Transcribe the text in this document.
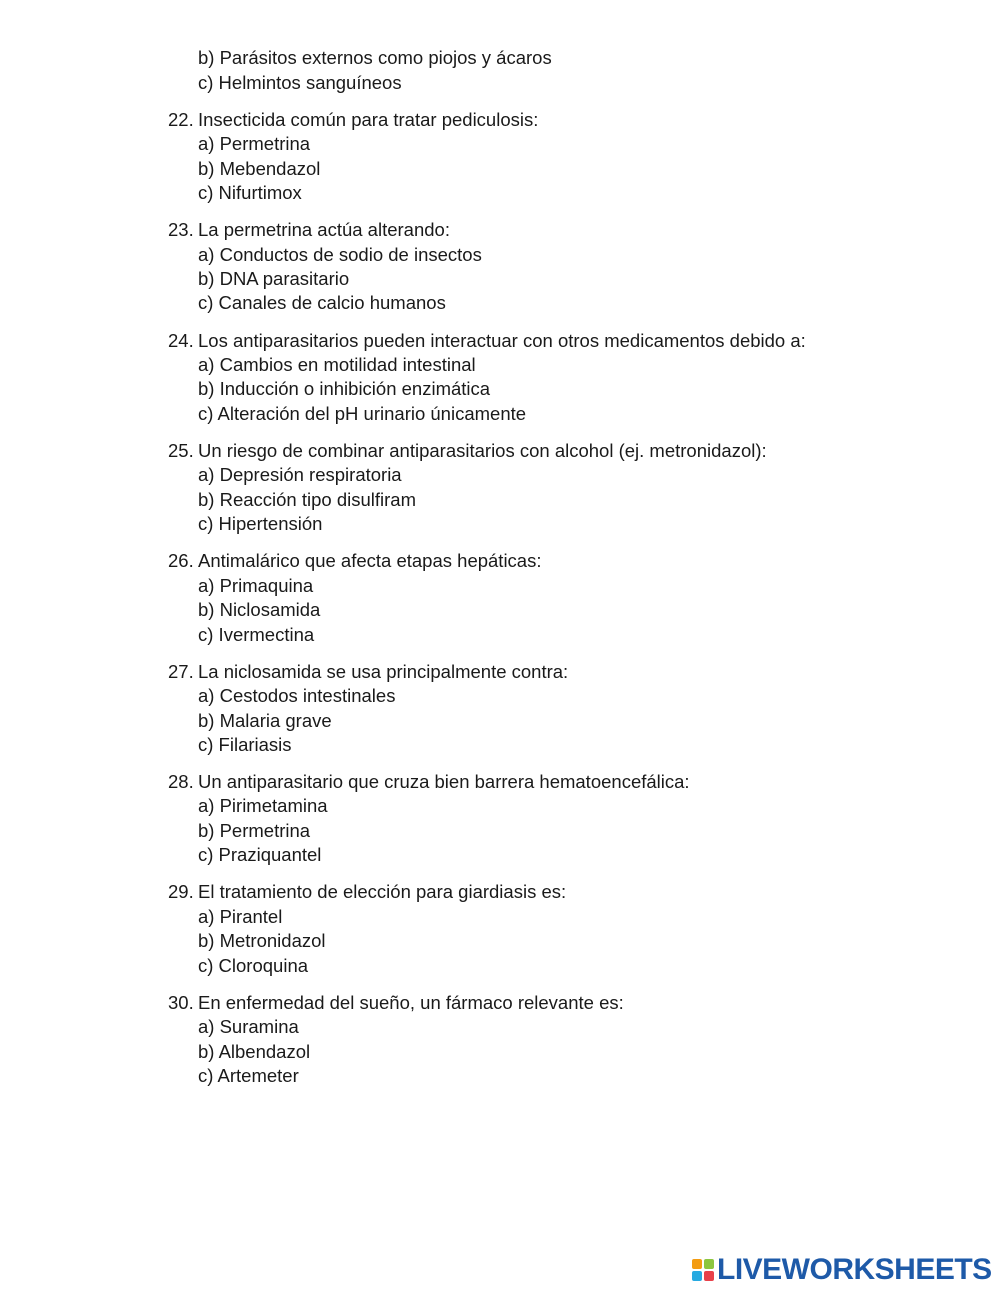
b) Parásitos externos como piojos y ácaros
c) Helmintos sanguíneos
22. Insecticida común para tratar pediculosis:
a) Permetrina
b) Mebendazol
c) Nifurtimox
23. La permetrina actúa alterando:
a) Conductos de sodio de insectos
b) DNA parasitario
c) Canales de calcio humanos
24. Los antiparasitarios pueden interactuar con otros medicamentos debido a:
a) Cambios en motilidad intestinal
b) Inducción o inhibición enzimática
c) Alteración del pH urinario únicamente
25. Un riesgo de combinar antiparasitarios con alcohol (ej. metronidazol):
a) Depresión respiratoria
b) Reacción tipo disulfiram
c) Hipertensión
26. Antimalárico que afecta etapas hepáticas:
a) Primaquina
b) Niclosamida
c) Ivermectina
27. La niclosamida se usa principalmente contra:
a) Cestodos intestinales
b) Malaria grave
c) Filariasis
28. Un antiparasitario que cruza bien barrera hematoencefálica:
a) Pirimetamina
b) Permetrina
c) Praziquantel
29. El tratamiento de elección para giardiasis es:
a) Pirantel
b) Metronidazol
c) Cloroquina
30. En enfermedad del sueño, un fármaco relevante es:
a) Suramina
b) Albendazol
c) Artemeter
LIVEWORKSHEETS
